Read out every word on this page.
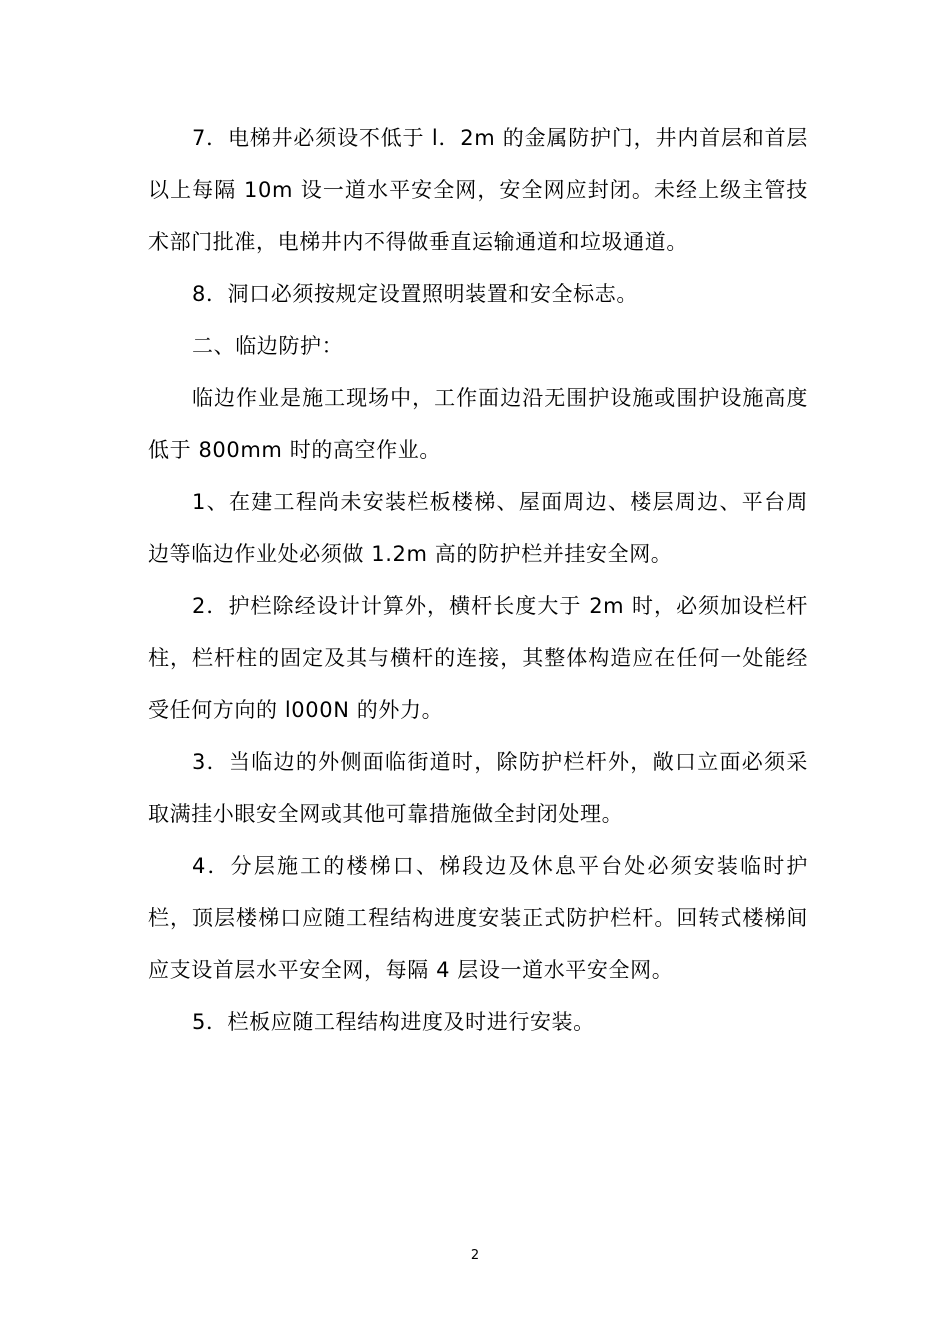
7．电梯井必须设不低于 l．2m 的金属防护门，井内首层和首层以上每隔 10m 设一道水平安全网，安全网应封闭。未经上级主管技术部门批准，电梯井内不得做垂直运输通道和垃圾通道。

8．洞口必须按规定设置照明装置和安全标志。

二、临边防护：

临边作业是施工现场中，工作面边沿无围护设施或围护设施高度低于 800mm 时的高空作业。

1、在建工程尚未安装栏板楼梯、屋面周边、楼层周边、平台周边等临边作业处必须做 1.2m 高的防护栏并挂安全网。

2．护栏除经设计计算外，横杆长度大于 2m 时，必须加设栏杆柱，栏杆柱的固定及其与横杆的连接，其整体构造应在任何一处能经受任何方向的 l000N 的外力。

3．当临边的外侧面临街道时，除防护栏杆外，敞口立面必须采取满挂小眼安全网或其他可靠措施做全封闭处理。

4．分层施工的楼梯口、梯段边及休息平台处必须安装临时护栏，顶层楼梯口应随工程结构进度安装正式防护栏杆。回转式楼梯间应支设首层水平安全网，每隔 4 层设一道水平安全网。

5．栏板应随工程结构进度及时进行安装。

2
